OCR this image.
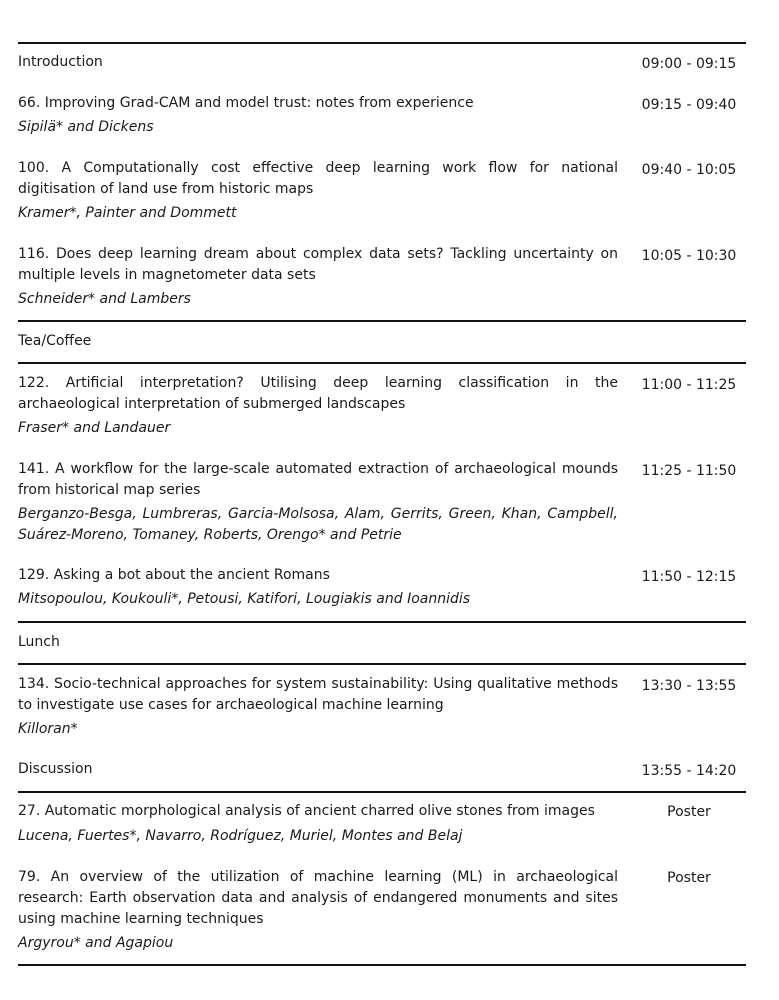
Introduction	09:00 - 09:15
66. Improving Grad-CAM and model trust: notes from experience
Sipilä* and Dickens
09:15 - 09:40
100. A Computationally cost effective deep learning work flow for national digitisation of land use from historic maps
Kramer*, Painter and Dommett
09:40 - 10:05
116. Does deep learning dream about complex data sets? Tackling uncertainty on multiple levels in magnetometer data sets
Schneider* and Lambers
10:05 - 10:30
Tea/Coffee
122. Artificial interpretation? Utilising deep learning classification in the archaeological interpretation of submerged landscapes
Fraser* and Landauer
11:00 - 11:25
141. A workflow for the large-scale automated extraction of archaeological mounds from historical map series
Berganzo-Besga, Lumbreras, Garcia-Molsosa, Alam, Gerrits, Green, Khan, Campbell, Suárez-Moreno, Tomaney, Roberts, Orengo* and Petrie
11:25 - 11:50
129. Asking a bot about the ancient Romans
Mitsopoulou, Koukouli*, Petousi, Katifori, Lougiakis and Ioannidis
11:50 - 12:15
Lunch
134. Socio-technical approaches for system sustainability: Using qualitative methods to investigate use cases for archaeological machine learning
Killoran*
13:30 - 13:55
Discussion	13:55 - 14:20
27. Automatic morphological analysis of ancient charred olive stones from images
Lucena, Fuertes*, Navarro, Rodríguez, Muriel, Montes and Belaj
Poster
79. An overview of the utilization of machine learning (ML) in archaeological research: Earth observation data and analysis of endangered monuments and sites using machine learning techniques
Argyrou* and Agapiou
Poster
